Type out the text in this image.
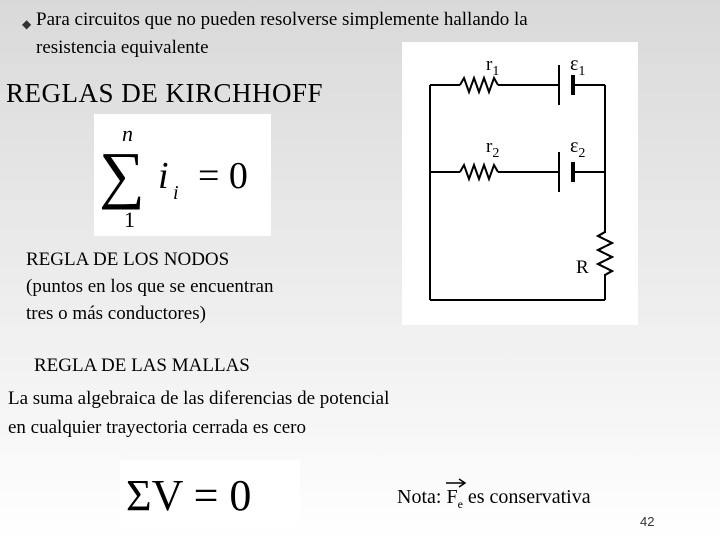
◆ Para circuitos que no pueden resolverse simplemente hallando la
resistencia equivalente
REGLAS DE KIRCHHOFF
n
∑ i i = 0
1
REGLA DE LOS NODOS
(puntos en los que se encuentran
tres o más conductores)
$r_1$	$\varepsilon_1$
$r_2$	$\varepsilon_2$
R
REGLA DE LAS MALLAS
La suma algebraica de las diferencias de potencial
en cualquier trayectoria cerrada es cero
ΣV = 0	Nota: $F_e$ es conservativa
42
